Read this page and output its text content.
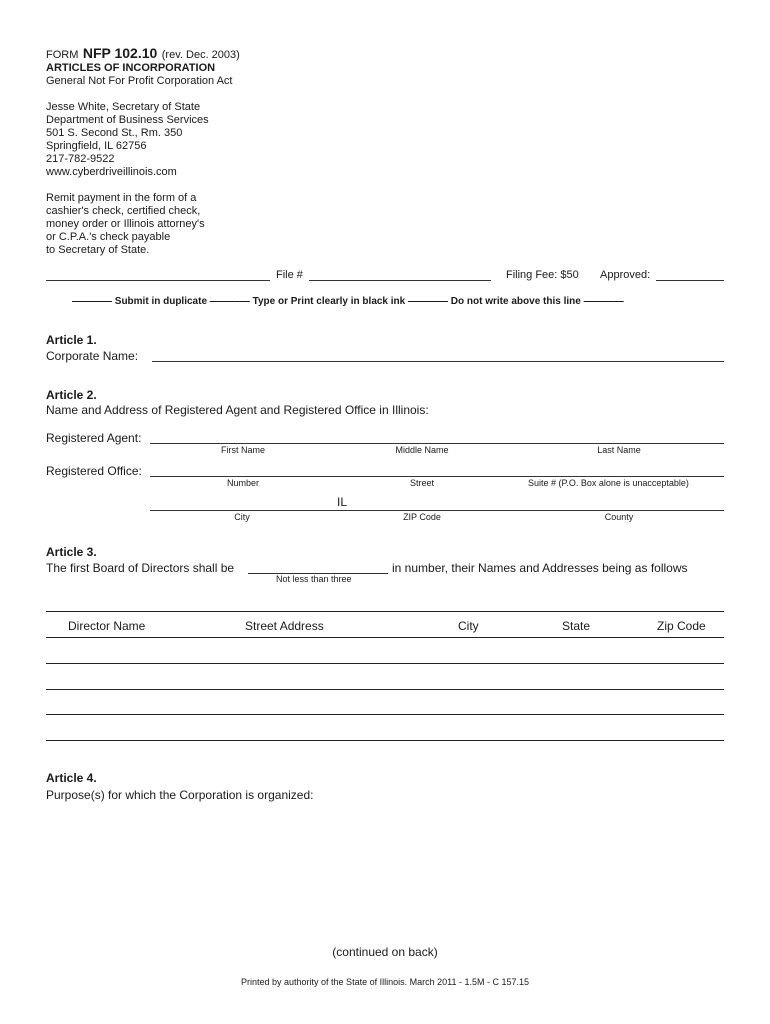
FORM NFP 102.10 (rev. Dec. 2003)
ARTICLES OF INCORPORATION
General Not For Profit Corporation Act
Jesse White, Secretary of State
Department of Business Services
501 S. Second St., Rm. 350
Springfield, IL 62756
217-782-9522
www.cyberdriveillinois.com
Remit payment in the form of a
cashier's check, certified check,
money order or Illinois attorney's
or C.P.A.'s check payable
to Secretary of State.
File #	Filing Fee: $50 Approved:
———— Submit in duplicate ———— Type or Print clearly in black ink ———— Do not write above this line ————
Article 1.
Corporate Name:
Article 2.
Name and Address of Registered Agent and Registered Office in Illinois:
Registered Agent:
First Name	Middle Name	Last Name
Registered Office:
Number	Street	Suite # (P.O. Box alone is unacceptable)
IL
City	ZIP Code	County
Article 3.
The first Board of Directors shall be
Not less than three
in number, their Names and Addresses being as follows
Director Name	Street Address	City	State	Zip Code
Article 4.
Purpose(s) for which the Corporation is organized:
(continued on back)
Printed by authority of the State of Illinois. March 2011 - 1.5M - C 157.15
